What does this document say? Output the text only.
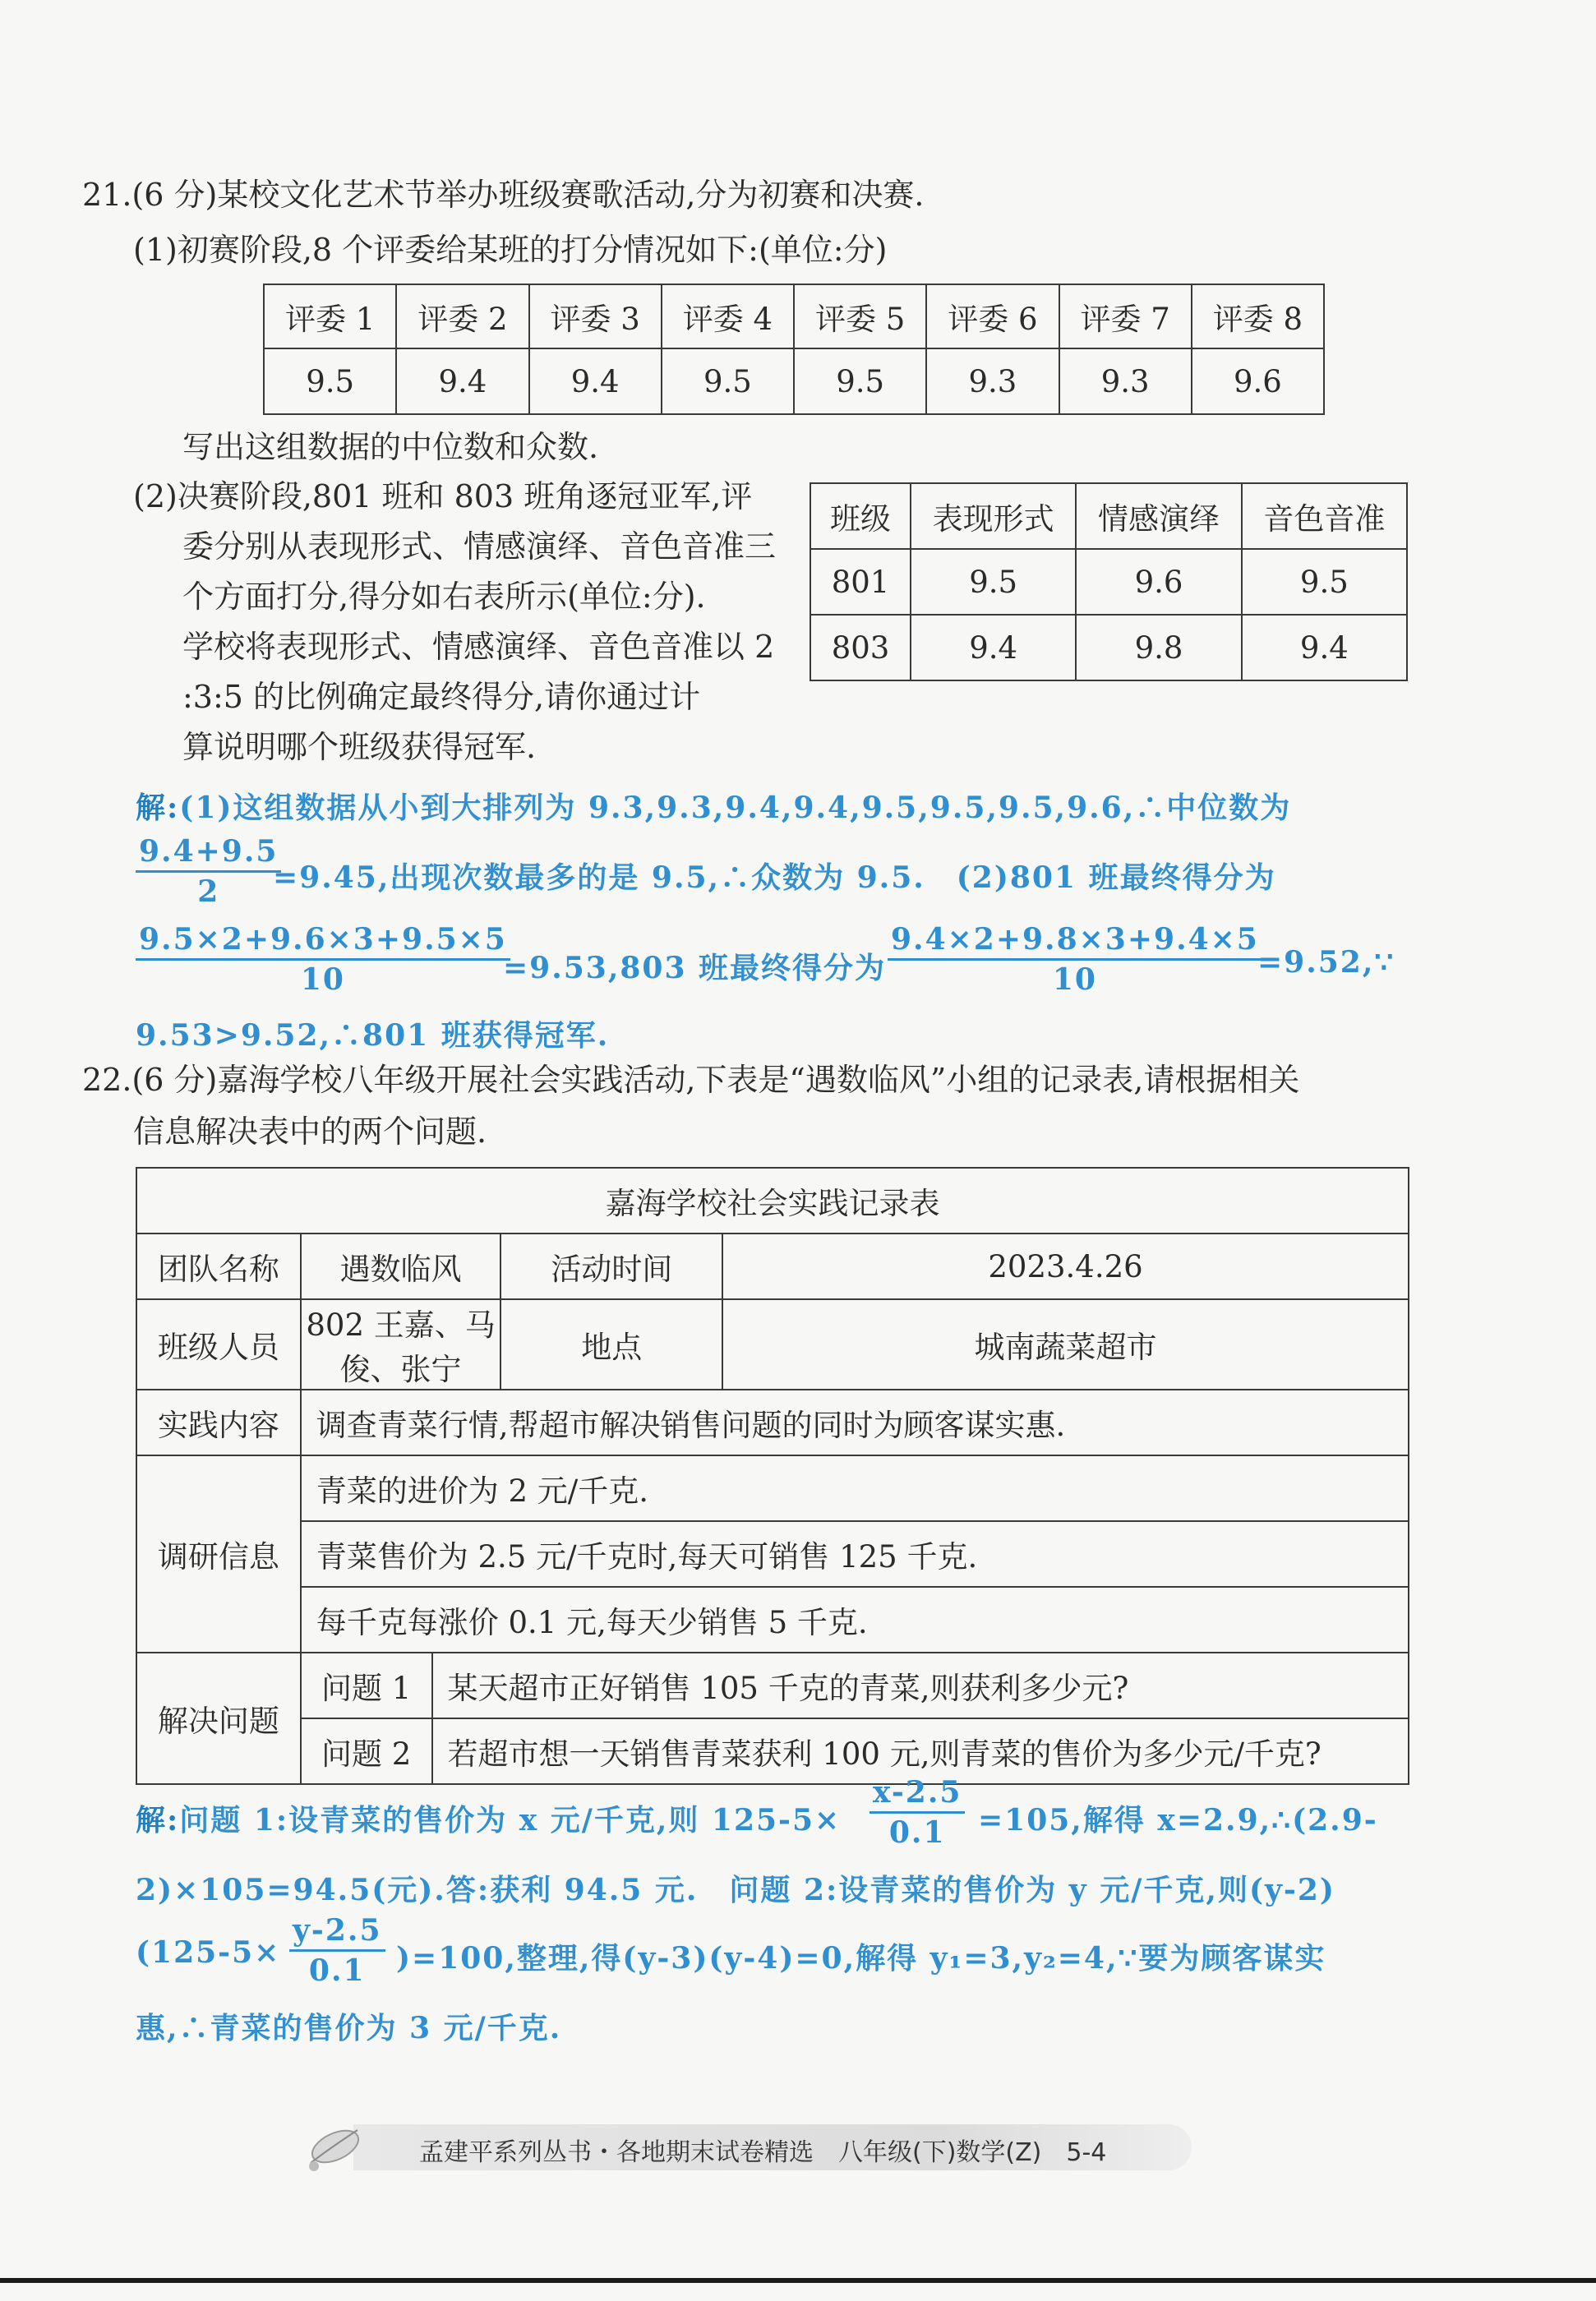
21.(6 分)某校文化艺术节举办班级赛歌活动,分为初赛和决赛.
(1)初赛阶段,8 个评委给某班的打分情况如下:(单位:分)
评委 1	评委 2	评委 3	评委 4	评委 5	评委 6	评委 7	评委 8
9.5	9.4	9.4	9.5	9.5	9.3	9.3	9.6
写出这组数据的中位数和众数.
(2)决赛阶段,801 班和 803 班角逐冠亚军,评
委分别从表现形式、情感演绎、音色音准三
个方面打分,得分如右表所示(单位:分).
学校将表现形式、情感演绎、音色音准以 2
:3:5 的比例确定最终得分,请你通过计
算说明哪个班级获得冠军.
班级	表现形式	情感演绎	音色音准
801	9.5	9.6	9.5
803	9.4	9.8	9.4
解:(1)这组数据从小到大排列为 9.3,9.3,9.4,9.4,9.5,9.5,9.5,9.6,∴中位数为
$\frac{9.4+9.5}{2}$
=9.45,出现次数最多的是 9.5,∴众数为 9.5.　(2)801 班最终得分为
$\frac{9.5\times 2+9.6\times 3+9.5\times 5}{10}$
=9.53,803 班最终得分为 $\frac{9.4\times 2+9.8\times 3+9.4\times 5}{10}$
=9.52,∵
9.53>9.52,∴801 班获得冠军.
22.(6 分)嘉海学校八年级开展社会实践活动,下表是“遇数临风”小组的记录表,请根据相关
信息解决表中的两个问题.
嘉海学校社会实践记录表				
团队名称	遇数临风		活动时间	2023.4.26
班级人员	802 王嘉、马俊、张宁		地点	城南蔬菜超市
实践内容	调查青菜行情,帮超市解决销售问题的同时为顾客谋实惠.			
调研信息	青菜的进价为 2 元/千克.			
	青菜售价为 2.5 元/千克时,每天可销售 125 千克.			
	每千克每涨价 0.1 元,每天少销售 5 千克.			
解决问题	问题 1	某天超市正好销售 105 千克的青菜,则获利多少元?		
	问题 2	若超市想一天销售青菜获利 100 元,则青菜的售价为多少元/千克?		
解:问题 1:设青菜的售价为 x 元/千克,则 $125-5\times \frac{x-2.5}{0.1} =105$,解得 x=2.9,∴(2.9-
2)×105=94.5(元).答:获利 94.5 元.　问题 2:设青菜的售价为 y 元/千克,则(y-2)
$(125-5\times \frac{y-2.5}{0.1} )=100$,整理,得(y-3)(y-4)=0,解得 y₁=3,y₂=4,∵要为顾客谋实
惠,∴青菜的售价为 3 元/千克.
孟建平系列丛书・各地期末试卷精选　八年级(下)数学(Z)　5-4
